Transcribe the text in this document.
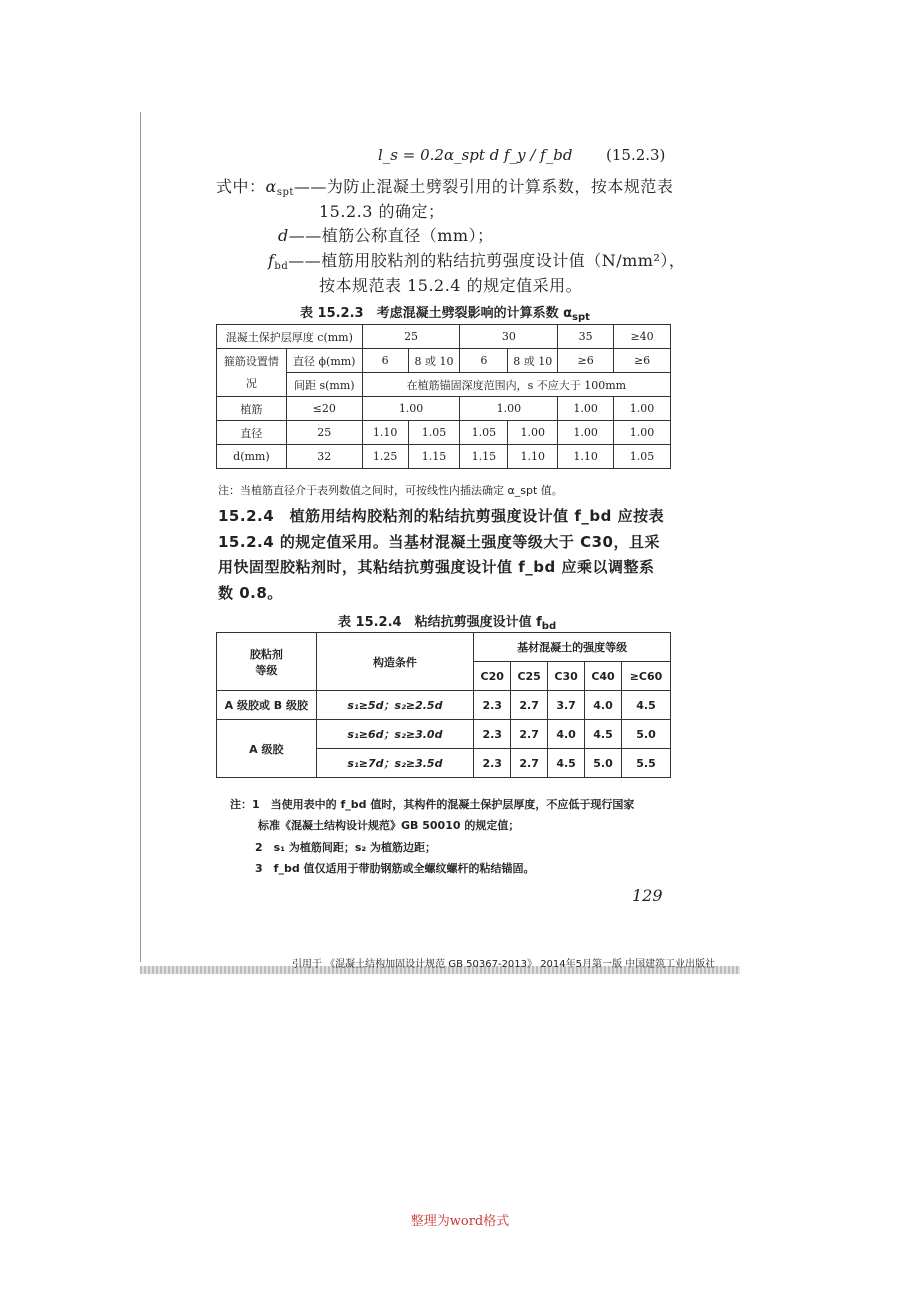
l_s = 0.2α_spt d f_y / f_bd (15.2.3)
式中：$\alpha_{spt}——$为防止混凝土劈裂引用的计算系数，按本规范表
15.2.3 的确定；
d——植筋公称直径（mm）；
$f_{bd}——$植筋用胶粘剂的粘结抗剪强度设计值（N/mm²），
按本规范表 15.2.4 的规定值采用。
表 15.2.3　考虑混凝土劈裂影响的计算系数 $\alpha_{spt}$
混凝土保护层厚度 c(mm)		25		30		35	≥40
箍筋设置情况	直径 ϕ(mm)	6	8 或 10	6	8 或 10	≥6	≥6
	间距 s(mm)	在植筋锚固深度范围内，s 不应大于 100mm					
植筋	≤20	1.00		1.00		1.00	1.00
直径	25	1.10	1.05	1.05	1.00	1.00	1.00
d(mm)	32	1.25	1.15	1.15	1.10	1.10	1.05
注：当植筋直径介于表列数值之间时，可按线性内插法确定 α_spt 值。
15.2.4　植筋用结构胶粘剂的粘结抗剪强度设计值 f_bd 应按表
15.2.4 的规定值采用。当基材混凝土强度等级大于 C30，且采
用快固型胶粘剂时，其粘结抗剪强度设计值 f_bd 应乘以调整系
数 0.8。
表 15.2.4　粘结抗剪强度设计值 $f_{bd}$
胶粘剂
等级	构造条件	基材混凝土的强度等级				
		C20	C25	C30	C40	≥C60
A 级胶或 B 级胶	s₁≥5d；s₂≥2.5d	2.3	2.7	3.7	4.0	4.5
A 级胶	s₁≥6d；s₂≥3.0d	2.3	2.7	4.0	4.5	5.0
	s₁≥7d；s₂≥3.5d	2.3	2.7	4.5	5.0	5.5
注：1　当使用表中的 f_bd 值时，其构件的混凝土保护层厚度，不应低于现行国家
标准《混凝土结构设计规范》GB 50010 的规定值；
2　s₁ 为植筋间距；s₂ 为植筋边距；
3　f_bd 值仅适用于带肋钢筋或全螺纹螺杆的粘结锚固。
129
引用于 《混凝土结构加固设计规范 GB 50367-2013》 2014年5月第一版 中国建筑工业出版社
整理为word格式
